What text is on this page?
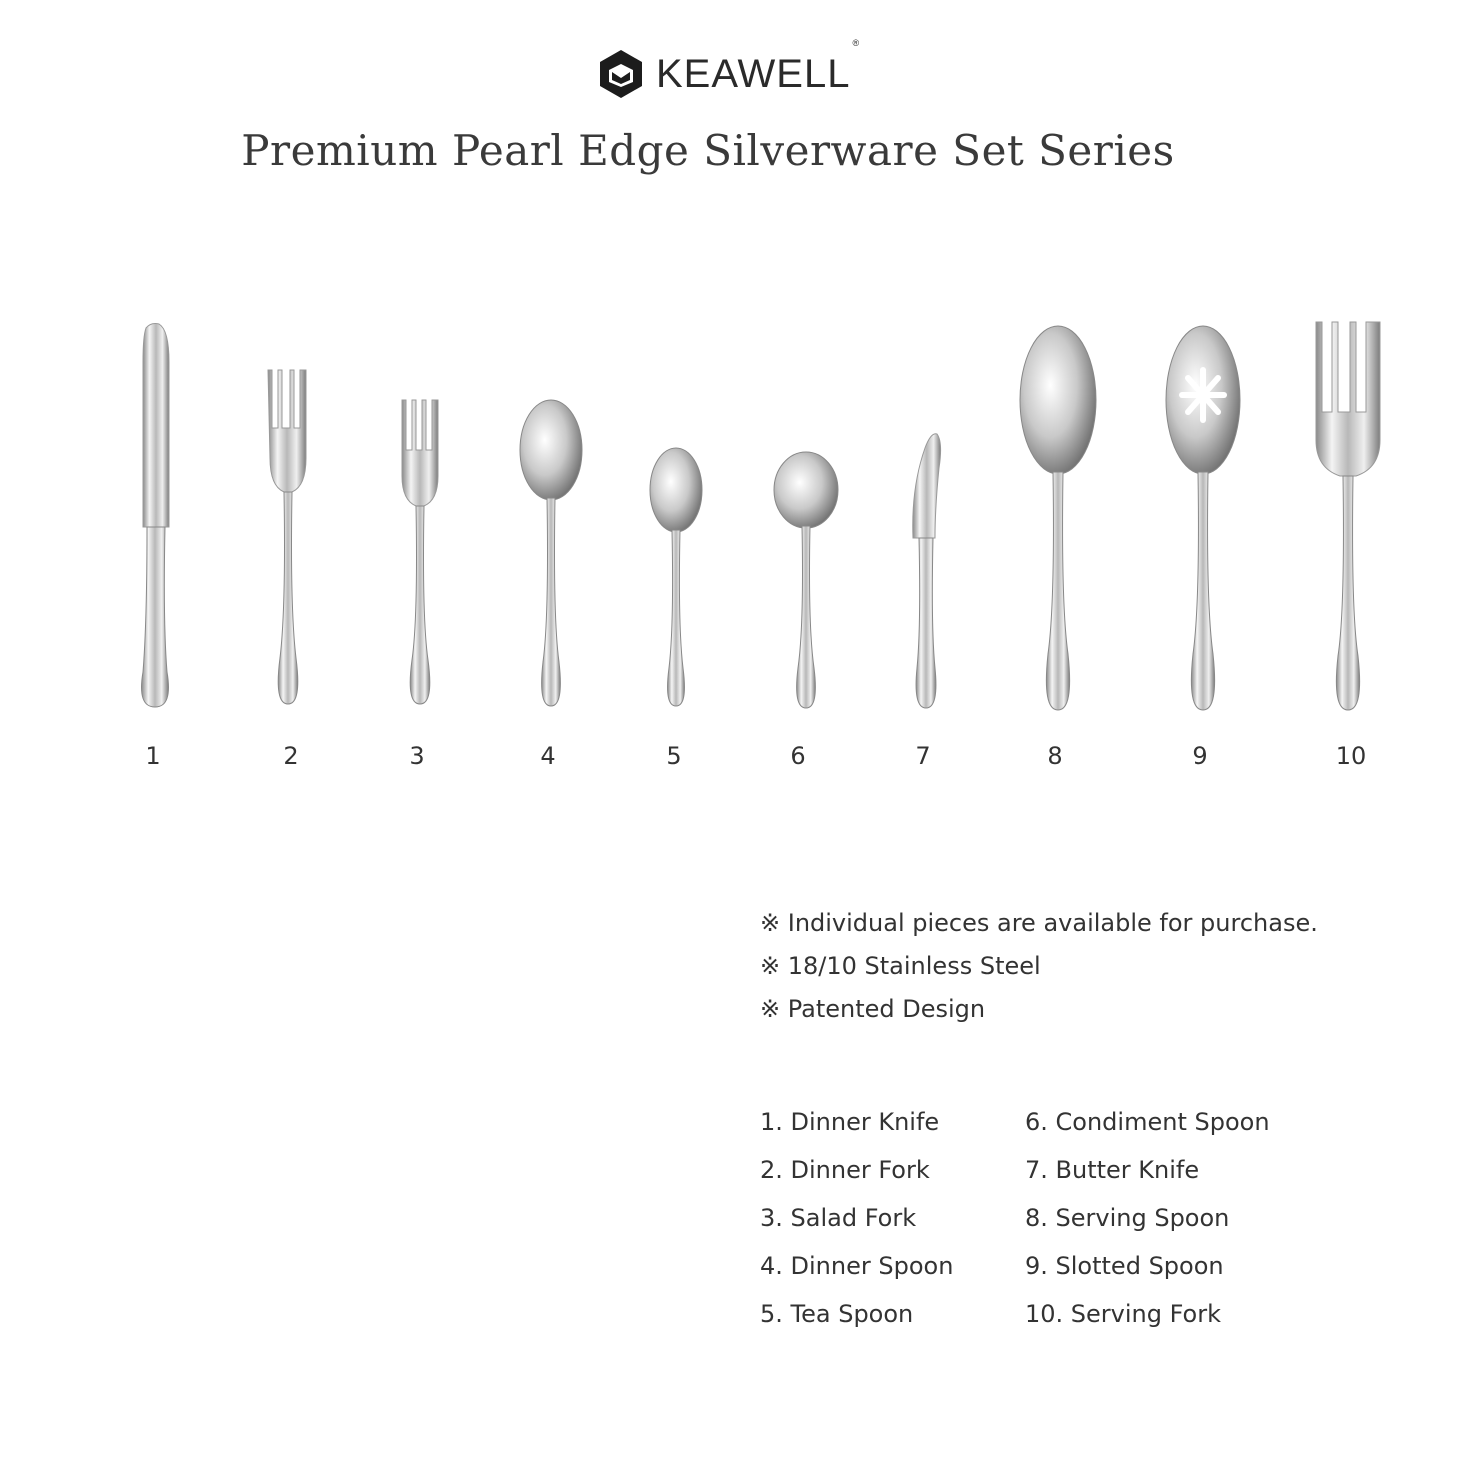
KEAWELL®
Premium Pearl Edge Silverware Set Series
1	2	3	4	5	6	7	8	9	10
※ Individual pieces are available for purchase.
※ 18/10 Stainless Steel
※ Patented Design
1. Dinner Knife
2. Dinner Fork
3. Salad Fork
4. Dinner Spoon
5. Tea Spoon
6. Condiment Spoon
7. Butter Knife
8. Serving Spoon
9. Slotted Spoon
10. Serving Fork
